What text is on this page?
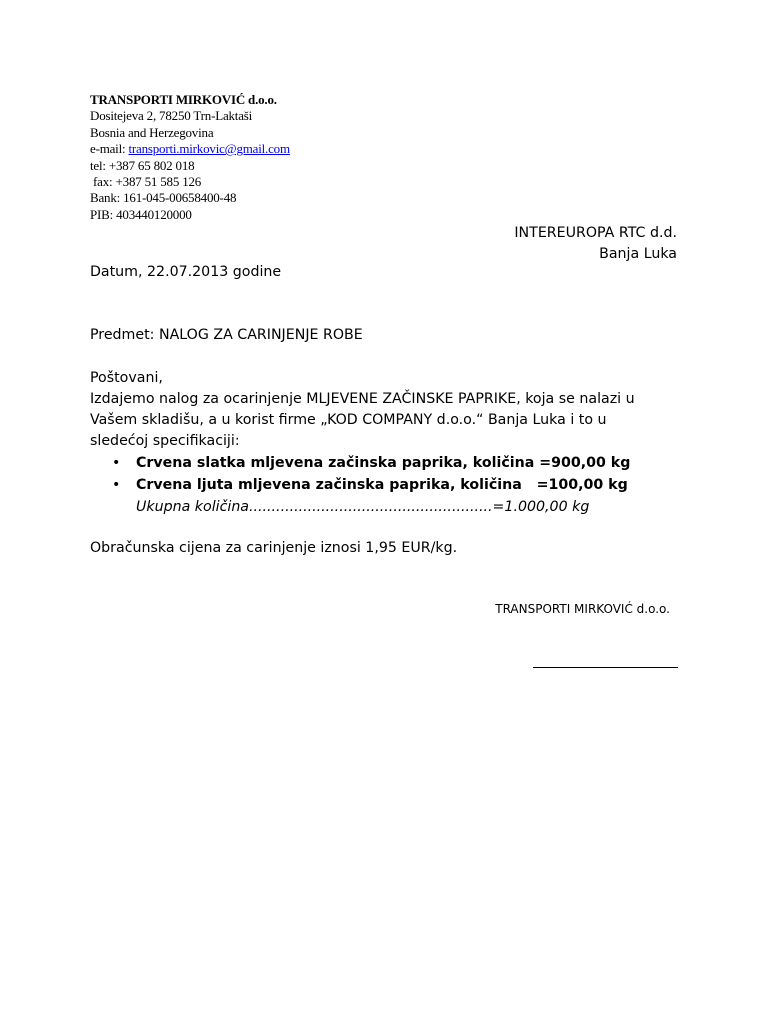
TRANSPORTI MIRKOVIĆ d.o.o.
Dositejeva 2, 78250 Trn-Laktaši
Bosnia and Herzegovina
e-mail: transporti.mirkovic@gmail.com
tel: +387 65 802 018
fax: +387 51 585 126
Bank: 161-045-00658400-48
PIB: 403440120000
INTEREUROPA RTC d.d.
Banja Luka
Datum, 22.07.2013 godine
Predmet: NALOG ZA CARINJENJE ROBE
Poštovani,
Izdajemo nalog za ocarinjenje MLJEVENE ZAČINSKE PAPRIKE, koja se nalazi u
Vašem skladišu, a u korist firme „KOD COMPANY d.o.o.“ Banja Luka i to u
sledećoj specifikaciji:
• Crvena slatka mljevena začinska paprika, količina =900,00 kg
• Crvena ljuta mljevena začinska paprika, količina   =100,00 kg
Ukupna količina......................................................=1.000,00 kg
Obračunska cijena za carinjenje iznosi 1,95 EUR/kg.
TRANSPORTI MIRKOVIĆ d.o.o.
